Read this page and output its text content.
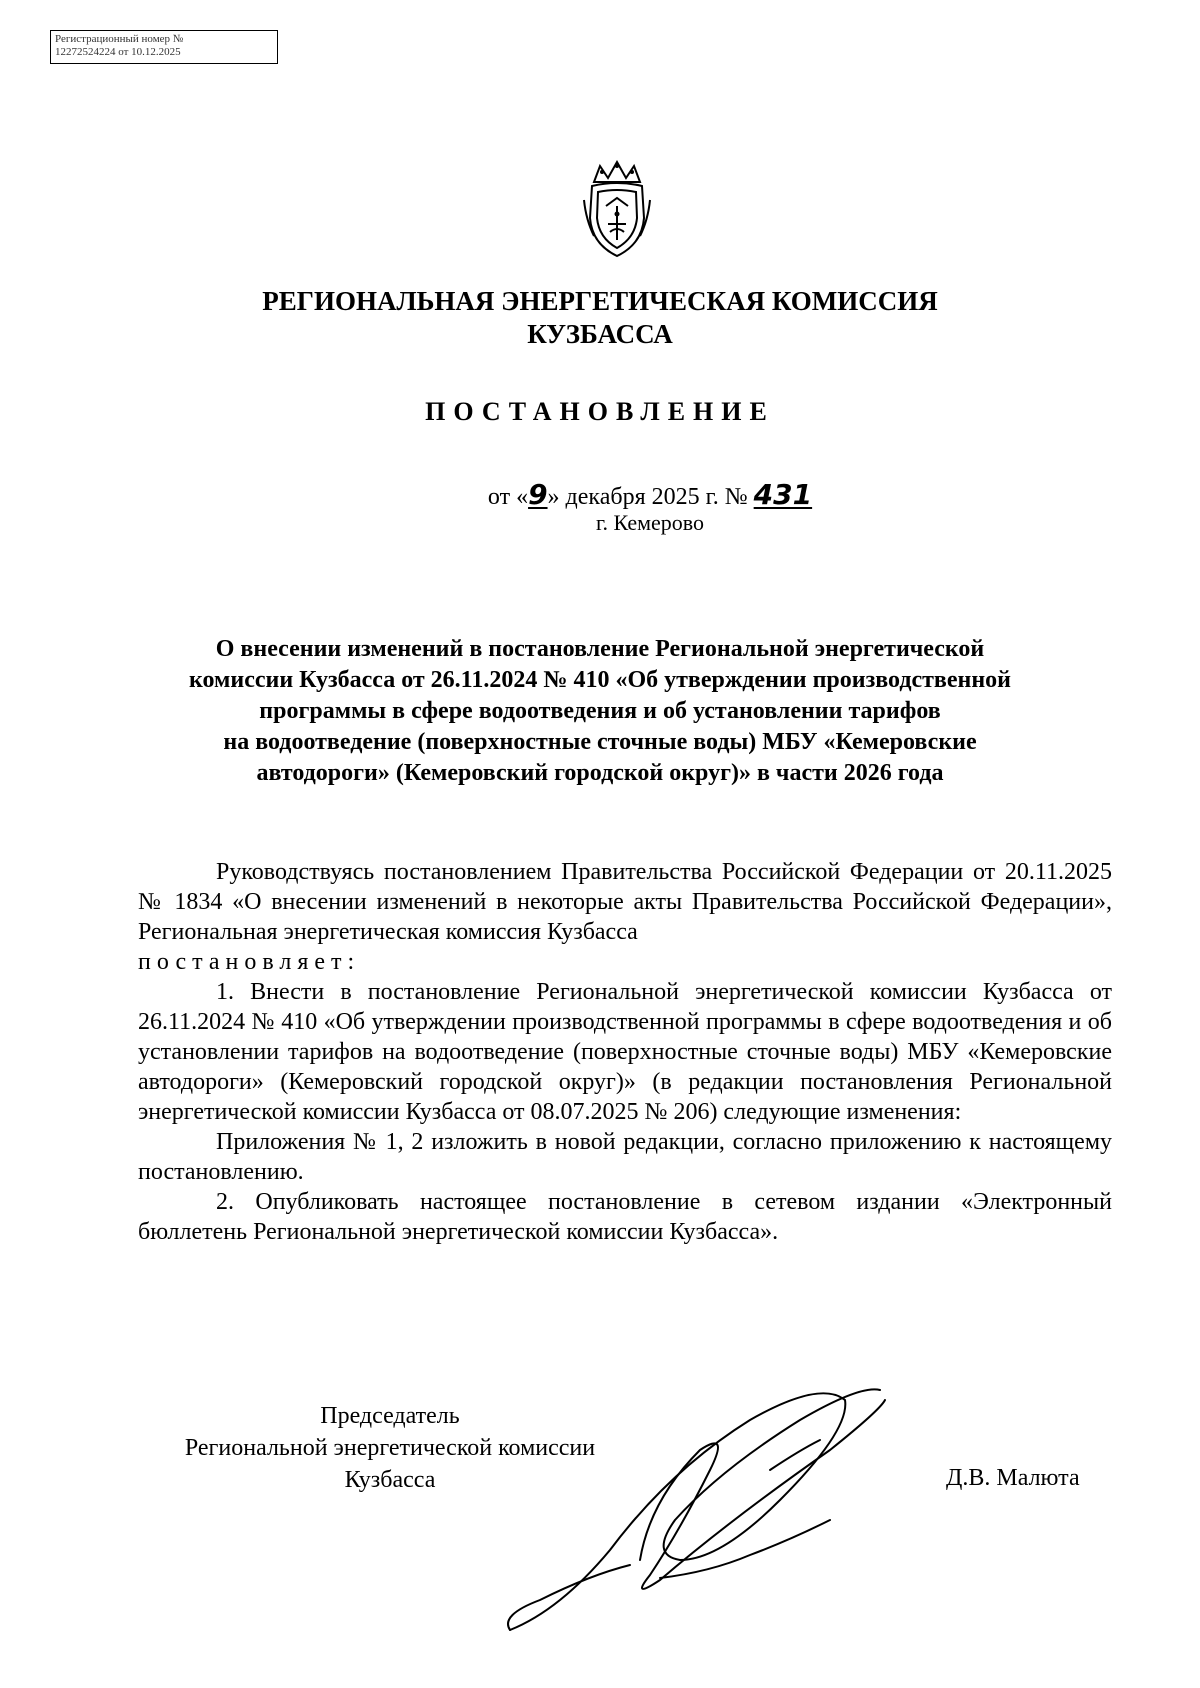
Регистрационный номер №
12272524224 от 10.12.2025
РЕГИОНАЛЬНАЯ ЭНЕРГЕТИЧЕСКАЯ КОМИССИЯ
КУЗБАССА
ПОСТАНОВЛЕНИЕ
от «9» декабря 2025 г. № 431
г. Кемерово
О внесении изменений в постановление Региональной энергетической
комиссии Кузбасса от 26.11.2024 № 410 «Об утверждении производственной
программы в сфере водоотведения и об установлении тарифов
на водоотведение (поверхностные сточные воды) МБУ «Кемеровские
автодороги» (Кемеровский городской округ)» в части 2026 года

Руководствуясь постановлением Правительства Российской Федерации от 20.11.2025 № 1834 «О внесении изменений в некоторые акты Правительства Российской Федерации», Региональная энергетическая комиссия Кузбасса
постановляет:

1. Внести в постановление Региональной энергетической комиссии Кузбасса от 26.11.2024 № 410 «Об утверждении производственной программы в сфере водоотведения и об установлении тарифов на водоотведение (поверхностные сточные воды) МБУ «Кемеровские автодороги» (Кемеровский городской округ)» (в редакции постановления Региональной энергетической комиссии Кузбасса от 08.07.2025 № 206) следующие изменения:

Приложения № 1, 2 изложить в новой редакции, согласно приложению к настоящему постановлению.

2. Опубликовать настоящее постановление в сетевом издании «Электронный бюллетень Региональной энергетической комиссии Кузбасса».

Председатель
Региональной энергетической комиссии
Кузбасса	Д.В. Малюта
